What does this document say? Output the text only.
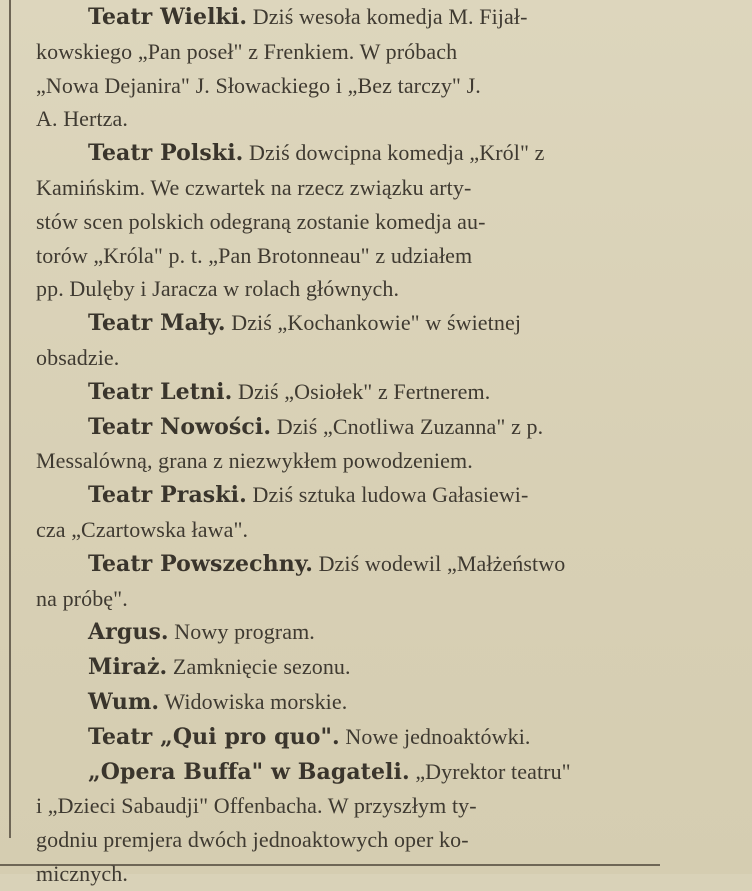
Teatr Wielki. Dziś wesoła komedja M. Fijał-
kowskiego „Pan poseł" z Frenkiem. W próbach
„Nowa Dejanira" J. Słowackiego i „Bez tarczy" J.
A. Hertza.

Teatr Polski. Dziś dowcipna komedja „Król" z
Kamińskim. We czwartek na rzecz związku arty-
stów scen polskich odegraną zostanie komedja au-
torów „Króla" p. t. „Pan Brotonneau" z udziałem
pp. Dulęby i Jaracza w rolach głównych.

Teatr Mały. Dziś „Kochankowie" w świetnej
obsadzie.

Teatr Letni. Dziś „Osiołek" z Fertnerem.

Teatr Nowości. Dziś „Cnotliwa Zuzanna" z p.
Messalówną, grana z niezwykłem powodzeniem.

Teatr Praski. Dziś sztuka ludowa Gałasiewi-
cza „Czartowska ława".

Teatr Powszechny. Dziś wodewil „Małżeństwo
na próbę".

Argus. Nowy program.

Miraż. Zamknięcie sezonu.

Wum. Widowiska morskie.

Teatr „Qui pro quo". Nowe jednoaktówki.

„Opera Buffa" w Bagateli. „Dyrektor teatru"
i „Dzieci Sabaudji" Offenbacha. W przyszłym ty-
godniu premjera dwóch jednoaktowych oper ko-
micznych.
